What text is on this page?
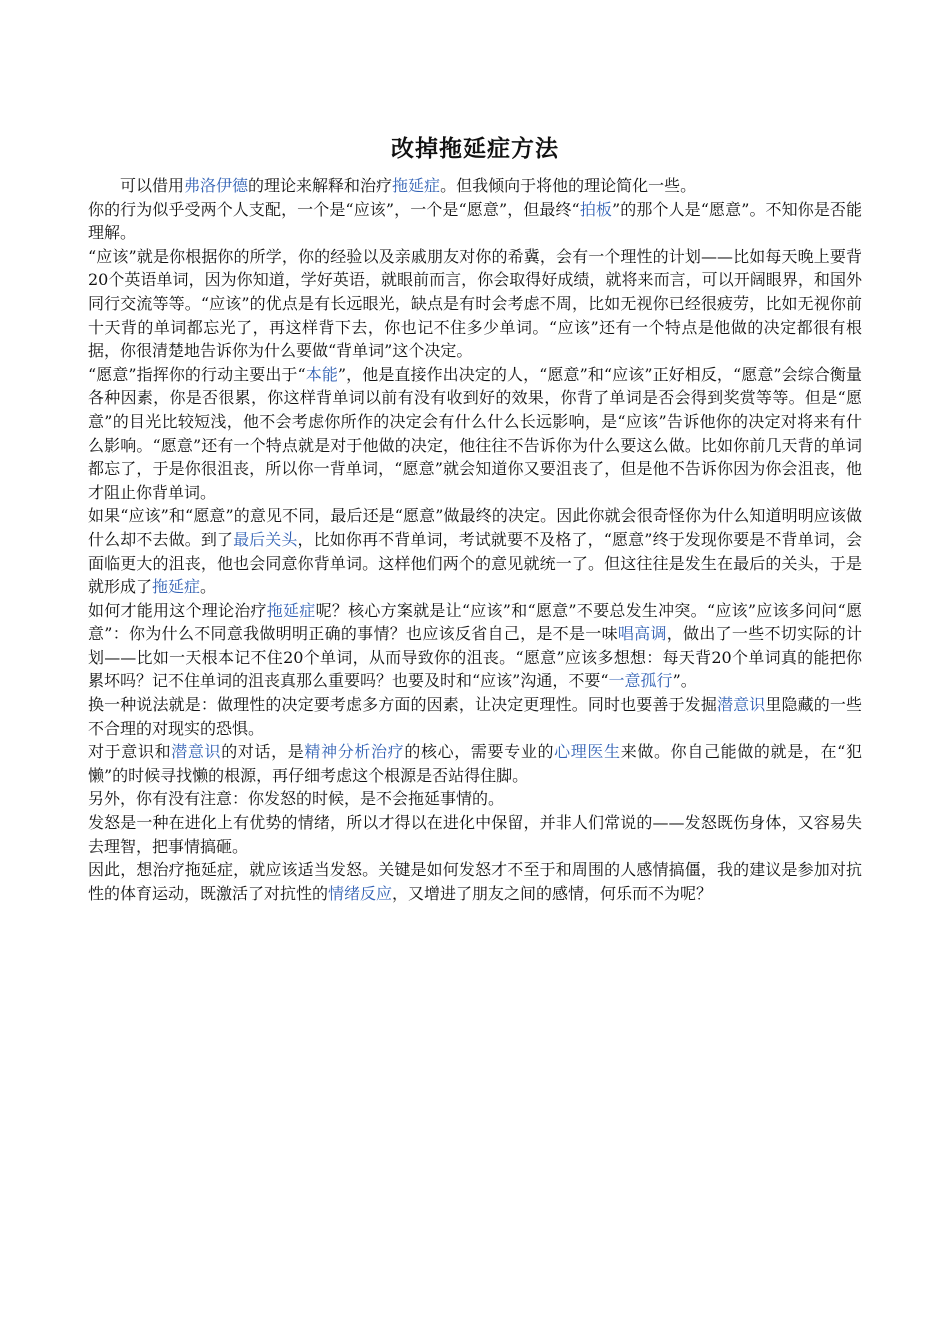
改掉拖延症方法

可以借用弗洛伊德的理论来解释和治疗拖延症。但我倾向于将他的理论简化一些。

你的行为似乎受两个人支配，一个是“应该”，一个是“愿意”，但最终“拍板”的那个人是“愿意”。不知你是否能理解。

“应该”就是你根据你的所学，你的经验以及亲戚朋友对你的希冀，会有一个理性的计划——比如每天晚上要背20个英语单词，因为你知道，学好英语，就眼前而言，你会取得好成绩，就将来而言，可以开阔眼界，和国外同行交流等等。“应该”的优点是有长远眼光，缺点是有时会考虑不周，比如无视你已经很疲劳，比如无视你前十天背的单词都忘光了，再这样背下去，你也记不住多少单词。“应该”还有一个特点是他做的决定都很有根据，你很清楚地告诉你为什么要做“背单词”这个决定。

“愿意”指挥你的行动主要出于“本能”，他是直接作出决定的人，“愿意”和“应该”正好相反，“愿意”会综合衡量各种因素，你是否很累，你这样背单词以前有没有收到好的效果，你背了单词是否会得到奖赏等等。但是“愿意”的目光比较短浅，他不会考虑你所作的决定会有什么什么长远影响，是“应该”告诉他你的决定对将来有什么影响。“愿意”还有一个特点就是对于他做的决定，他往往不告诉你为什么要这么做。比如你前几天背的单词都忘了，于是你很沮丧，所以你一背单词，“愿意”就会知道你又要沮丧了，但是他不告诉你因为你会沮丧，他才阻止你背单词。

如果“应该”和“愿意”的意见不同，最后还是“愿意”做最终的决定。因此你就会很奇怪你为什么知道明明应该做什么却不去做。到了最后关头，比如你再不背单词，考试就要不及格了，“愿意”终于发现你要是不背单词，会面临更大的沮丧，他也会同意你背单词。这样他们两个的意见就统一了。但这往往是发生在最后的关头，于是就形成了拖延症。

如何才能用这个理论治疗拖延症呢？核心方案就是让“应该”和“愿意”不要总发生冲突。“应该”应该多问问“愿意”：你为什么不同意我做明明正确的事情？也应该反省自己，是不是一味唱高调，做出了一些不切实际的计划——比如一天根本记不住20个单词，从而导致你的沮丧。“愿意”应该多想想：每天背20个单词真的能把你累坏吗？记不住单词的沮丧真那么重要吗？也要及时和“应该”沟通，不要“一意孤行”。

换一种说法就是：做理性的决定要考虑多方面的因素，让决定更理性。同时也要善于发掘潜意识里隐藏的一些不合理的对现实的恐惧。

对于意识和潜意识的对话，是精神分析治疗的核心，需要专业的心理医生来做。你自己能做的就是，在“犯懒”的时候寻找懒的根源，再仔细考虑这个根源是否站得住脚。

另外，你有没有注意：你发怒的时候，是不会拖延事情的。

发怒是一种在进化上有优势的情绪，所以才得以在进化中保留，并非人们常说的——发怒既伤身体，又容易失去理智，把事情搞砸。

因此，想治疗拖延症，就应该适当发怒。关键是如何发怒才不至于和周围的人感情搞僵，我的建议是参加对抗性的体育运动，既激活了对抗性的情绪反应，又增进了朋友之间的感情，何乐而不为呢？
